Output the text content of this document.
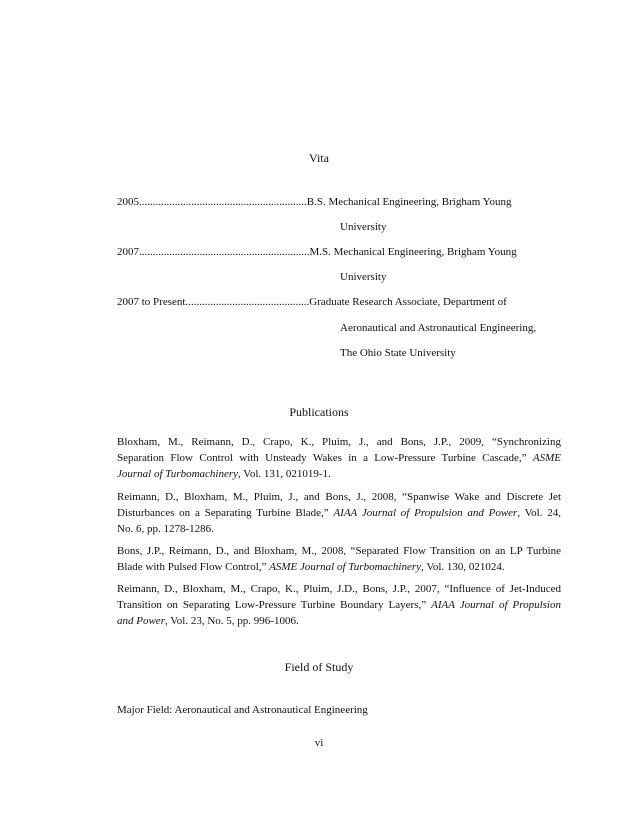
Vita
2005.............................................................B.S. Mechanical Engineering, Brigham Young
University
2007..............................................................M.S. Mechanical Engineering, Brigham Young
University
2007 to Present.............................................Graduate Research Associate, Department of
Aeronautical and Astronautical Engineering,
The Ohio State University
Publications
Bloxham, M., Reimann, D., Crapo, K., Pluim, J., and Bons, J.P., 2009, “Synchronizing
Separation Flow Control with Unsteady Wakes in a Low-Pressure Turbine Cascade,” ASME
Journal of Turbomachinery, Vol. 131, 021019-1.
Reimann, D., Bloxham, M., Pluim, J., and Bons, J., 2008, “Spanwise Wake and Discrete Jet
Disturbances on a Separating Turbine Blade,” AIAA Journal of Propulsion and Power, Vol. 24,
No. 6, pp. 1278-1286.
Bons, J.P., Reimann, D., and Bloxham, M., 2008, “Separated Flow Transition on an LP Turbine
Blade with Pulsed Flow Control,” ASME Journal of Turbomachinery, Vol. 130, 021024.
Reimann, D., Bloxham, M., Crapo, K., Pluim, J.D., Bons, J.P., 2007, “Influence of Jet-Induced
Transition on Separating Low-Pressure Turbine Boundary Layers,” AIAA Journal of Propulsion
and Power, Vol. 23, No. 5, pp. 996-1006.
Field of Study
Major Field: Aeronautical and Astronautical Engineering
vi
